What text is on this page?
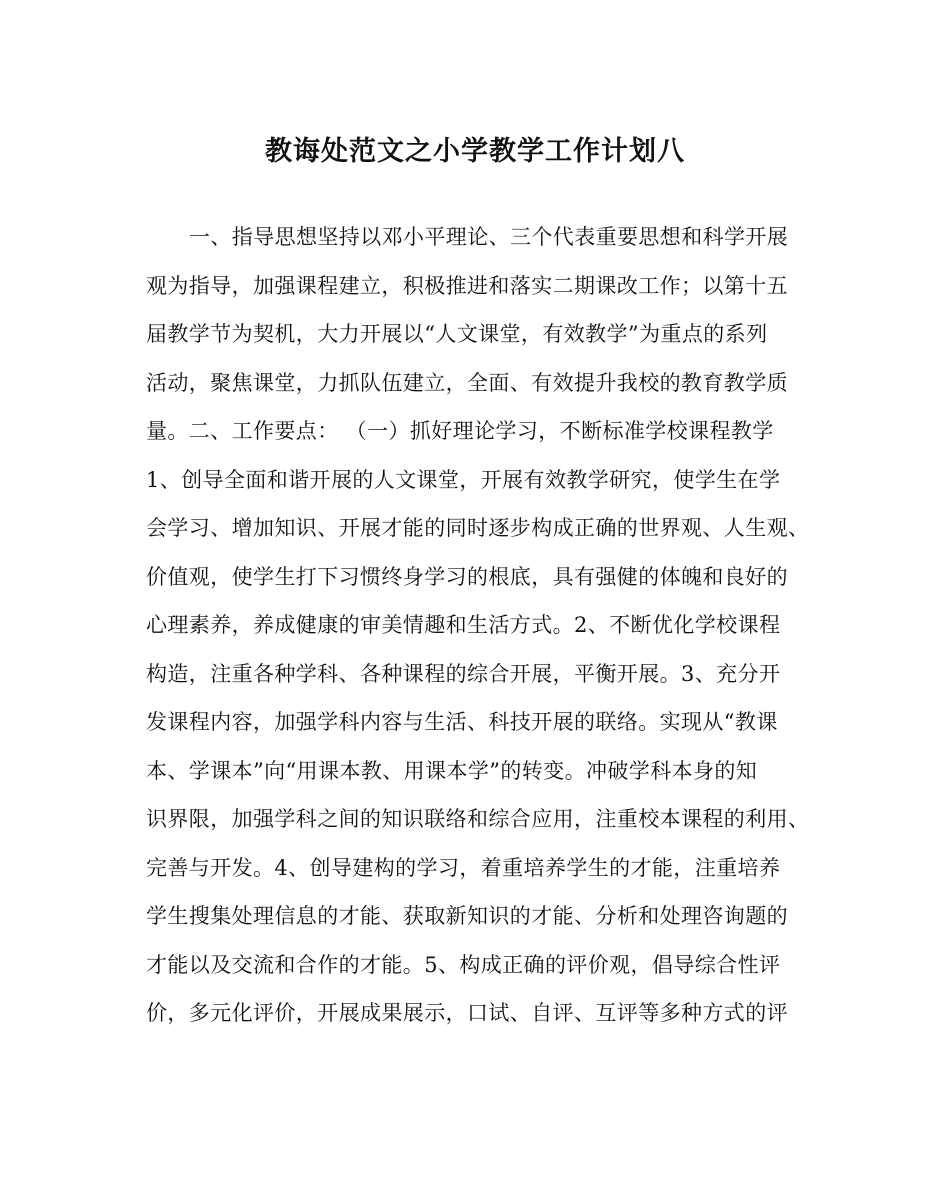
教诲处范文之小学教学工作计划八
一、指导思想坚持以邓小平理论、三个代表重要思想和科学开展
观为指导，加强课程建立，积极推进和落实二期课改工作；以第十五
届教学节为契机，大力开展以“人文课堂，有效教学”为重点的系列
活动，聚焦课堂，力抓队伍建立，全面、有效提升我校的教育教学质
量。二、工作要点： （一）抓好理论学习，不断标准学校课程教学
1、创导全面和谐开展的人文课堂，开展有效教学研究，使学生在学
会学习、增加知识、开展才能的同时逐步构成正确的世界观、人生观、
价值观，使学生打下习惯终身学习的根底，具有强健的体魄和良好的
心理素养，养成健康的审美情趣和生活方式。2、不断优化学校课程
构造，注重各种学科、各种课程的综合开展，平衡开展。3、充分开
发课程内容，加强学科内容与生活、科技开展的联络。实现从“教课
本、学课本”向“用课本教、用课本学”的转变。冲破学科本身的知
识界限，加强学科之间的知识联络和综合应用，注重校本课程的利用、
完善与开发。4、创导建构的学习，着重培养学生的才能，注重培养
学生搜集处理信息的才能、获取新知识的才能、分析和处理咨询题的
才能以及交流和合作的才能。5、构成正确的评价观，倡导综合性评
价，多元化评价，开展成果展示，口试、自评、互评等多种方式的评
